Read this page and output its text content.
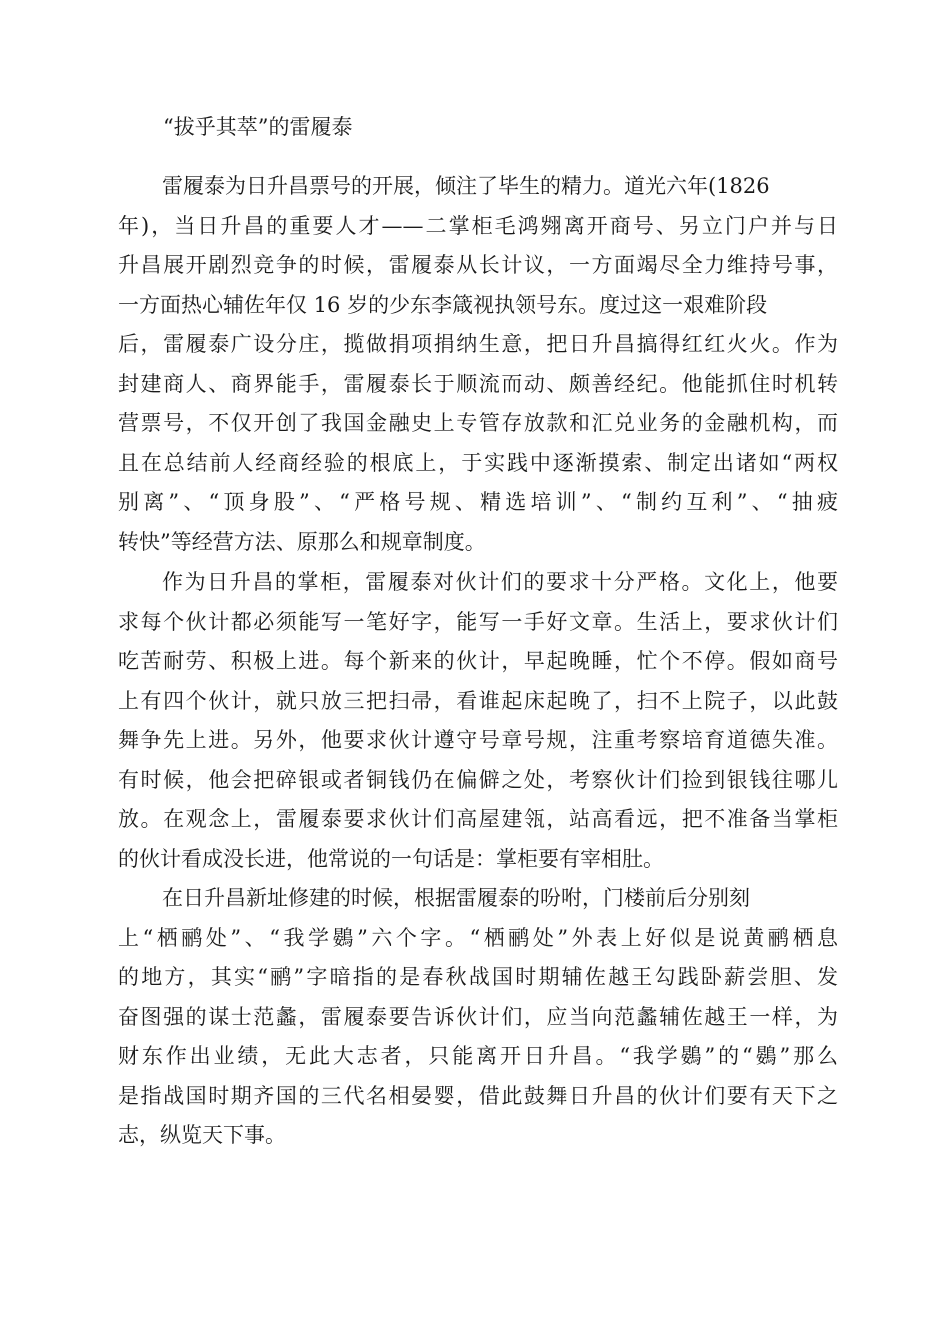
“拔乎其萃”的雷履泰
雷履泰为日升昌票号的开展，倾注了毕生的精力。道光六年(1826
年)，当日升昌的重要人才——二掌柜毛鸿翙离开商号、另立门户并与日
升昌展开剧烈竞争的时候，雷履泰从长计议，一方面竭尽全力维持号事，
一方面热心辅佐年仅 16 岁的少东李箴视执领号东。度过这一艰难阶段
后，雷履泰广设分庄，揽做捐项捐纳生意，把日升昌搞得红红火火。作为
封建商人、商界能手，雷履泰长于顺流而动、颇善经纪。他能抓住时机转
营票号，不仅开创了我国金融史上专管存放款和汇兑业务的金融机构，而
且在总结前人经商经验的根底上，于实践中逐渐摸索、制定出诸如“两权
别离”、“顶身股”、“严格号规、精选培训”、“制约互利”、“抽疲
转快”等经营方法、原那么和规章制度。
作为日升昌的掌柜，雷履泰对伙计们的要求十分严格。文化上，他要
求每个伙计都必须能写一笔好字，能写一手好文章。生活上，要求伙计们
吃苦耐劳、积极上进。每个新来的伙计，早起晚睡，忙个不停。假如商号
上有四个伙计，就只放三把扫帚，看谁起床起晚了，扫不上院子，以此鼓
舞争先上进。另外，他要求伙计遵守号章号规，注重考察培育道德失准。
有时候，他会把碎银或者铜钱仍在偏僻之处，考察伙计们捡到银钱往哪儿
放。在观念上，雷履泰要求伙计们高屋建瓴，站高看远，把不准备当掌柜
的伙计看成没长进，他常说的一句话是：掌柜要有宰相肚。
在日升昌新址修建的时候，根据雷履泰的吩咐，门楼前后分别刻
上“栖鹂处”、“我学鷃”六个字。“栖鹂处”外表上好似是说黄鹂栖息
的地方，其实“鹂”字暗指的是春秋战国时期辅佐越王勾践卧薪尝胆、发
奋图强的谋士范蠡，雷履泰要告诉伙计们，应当向范蠡辅佐越王一样，为
财东作出业绩，无此大志者，只能离开日升昌。“我学鷃”的“鷃”那么
是指战国时期齐国的三代名相晏婴，借此鼓舞日升昌的伙计们要有天下之
志，纵览天下事。
